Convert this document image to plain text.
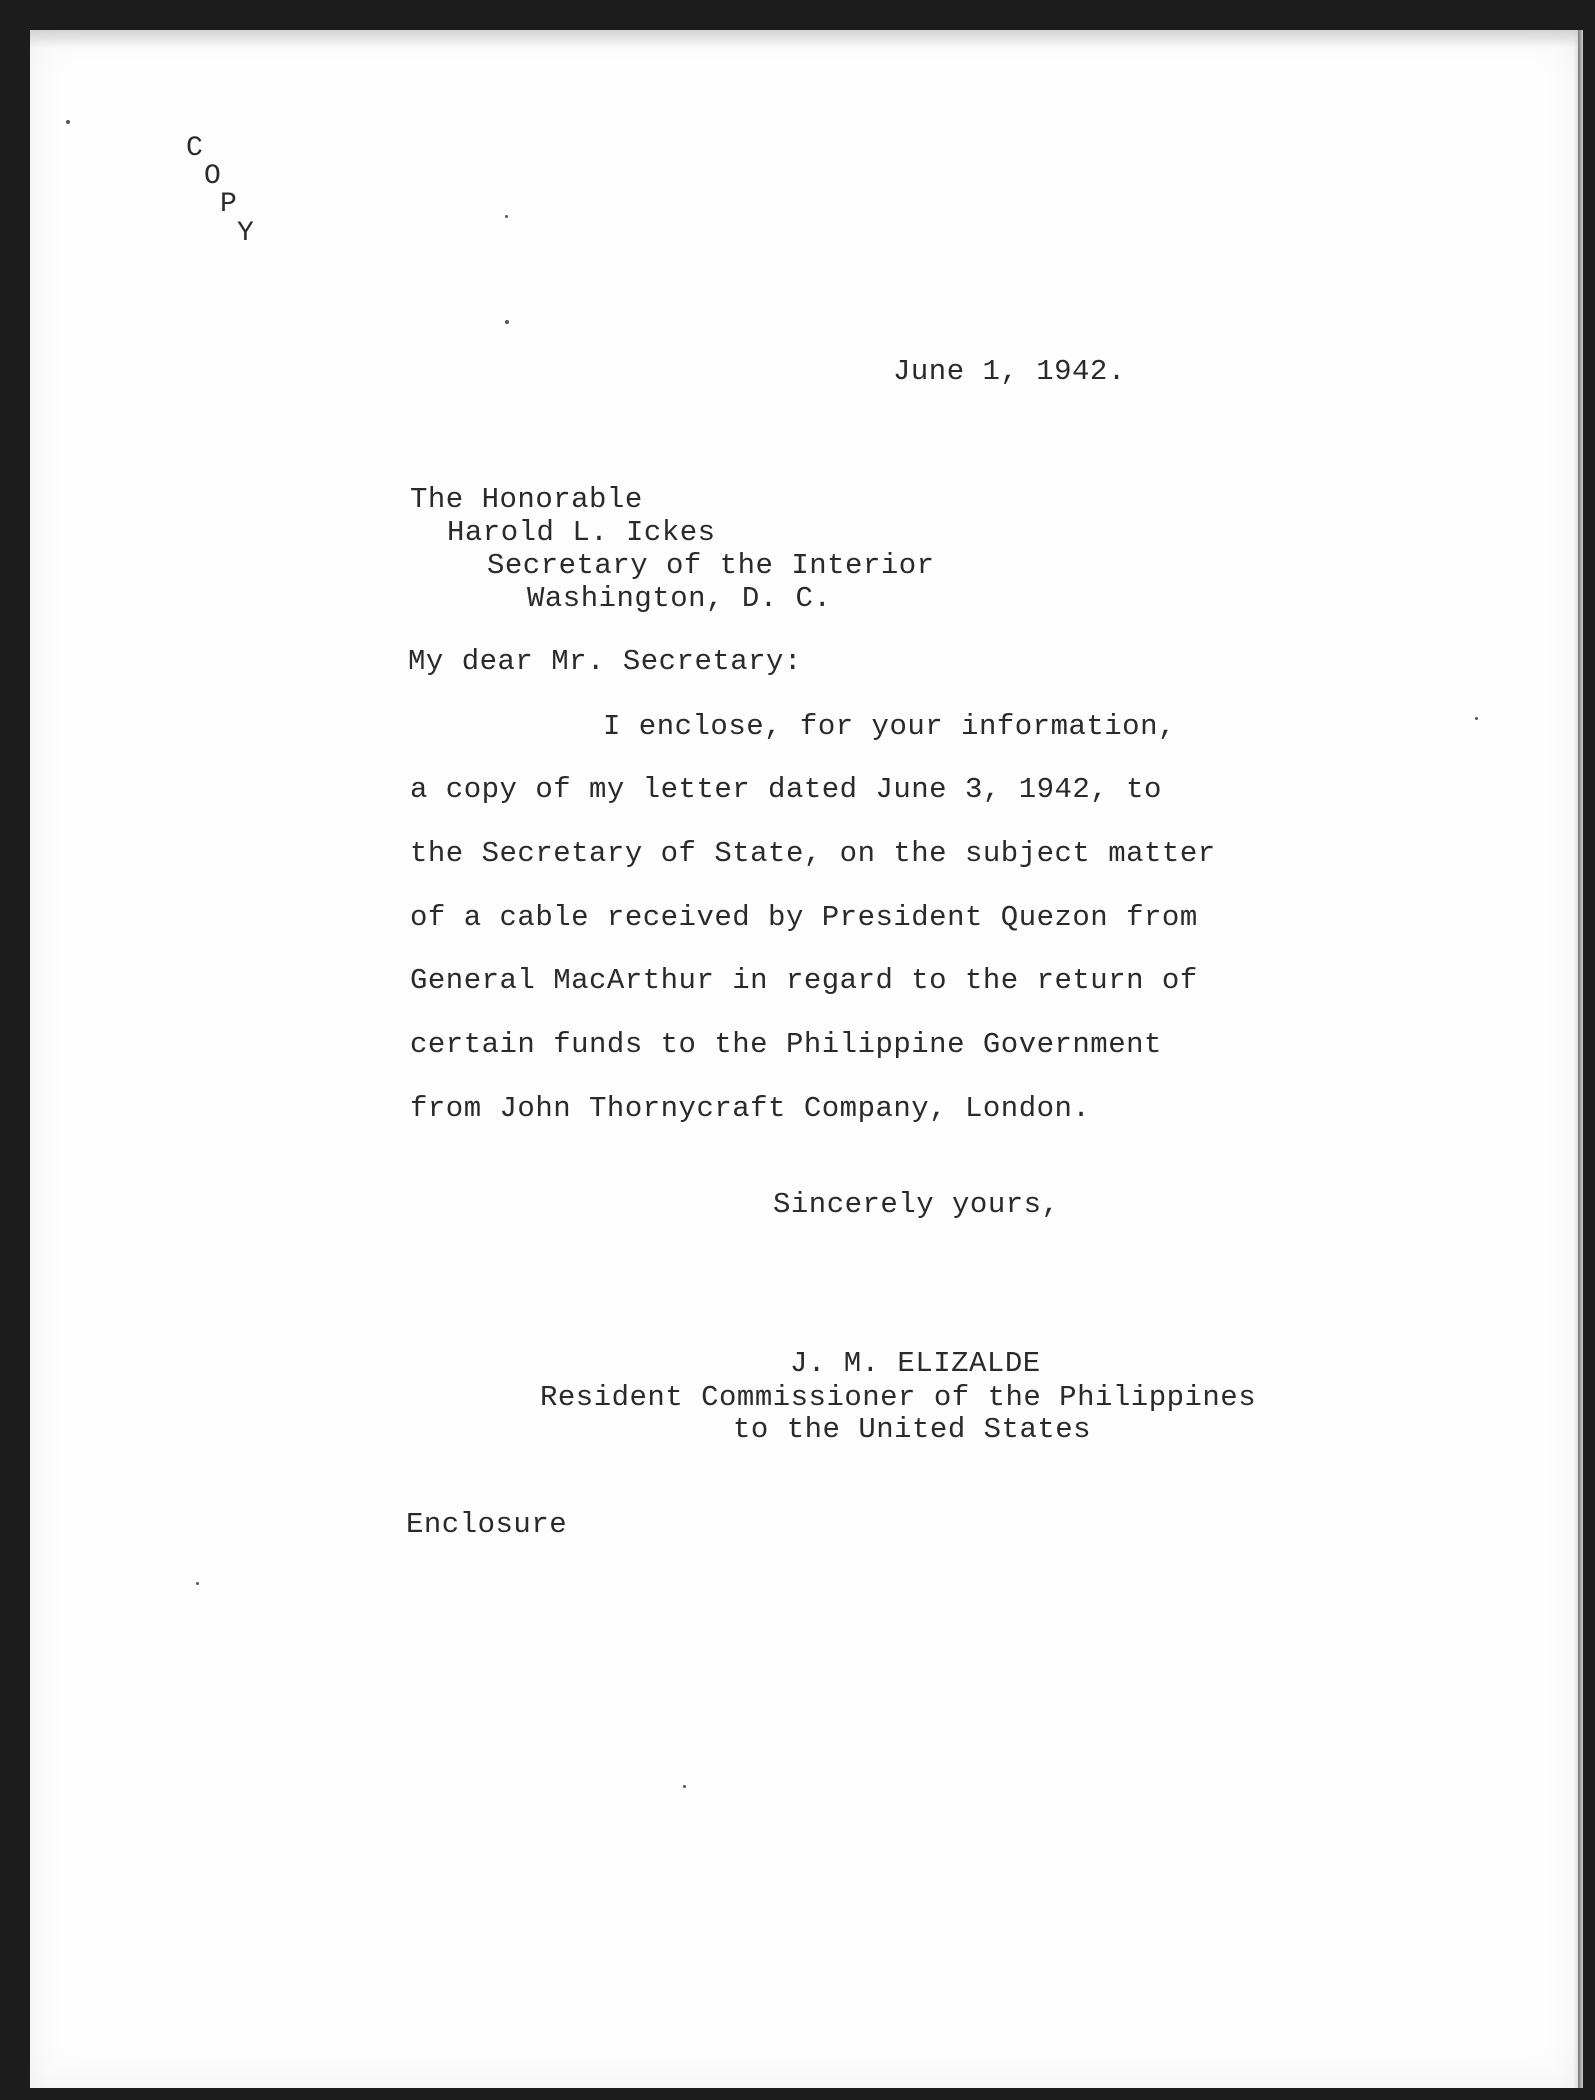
C
O
P
Y
June 1, 1942.
The Honorable
Harold L. Ickes
Secretary of the Interior
Washington, D. C.
My dear Mr. Secretary:
I enclose, for your information,
a copy of my letter dated June 3, 1942, to
the Secretary of State, on the subject matter
of a cable received by President Quezon from
General MacArthur in regard to the return of
certain funds to the Philippine Government
from John Thornycraft Company, London.
Sincerely yours,
J. M. ELIZALDE
Resident Commissioner of the Philippines
to the United States
Enclosure
